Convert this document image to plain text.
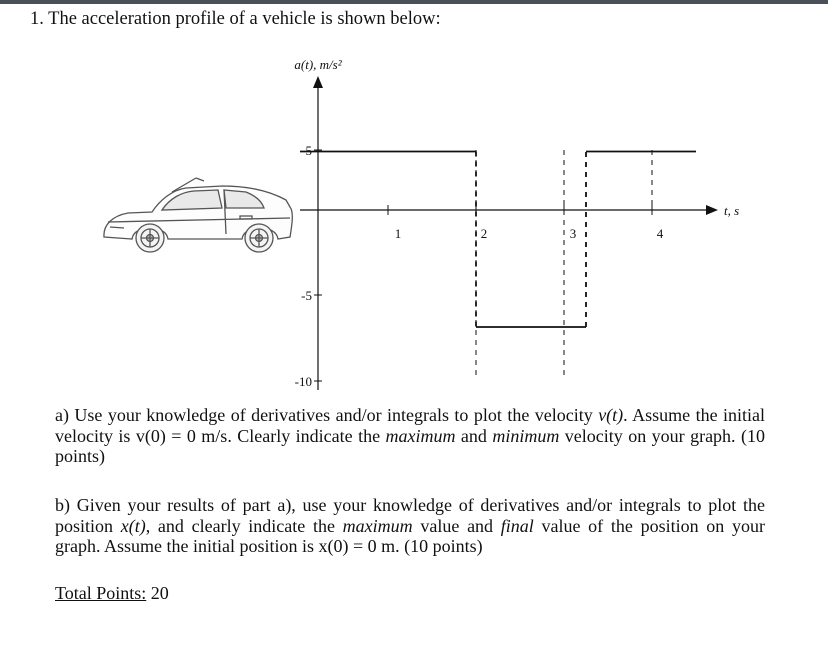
1. The acceleration profile of a vehicle is shown below:
a(t), m/s²
t, s
1	2	3	4
5
-5
-10
a) Use your knowledge of derivatives and/or integrals to plot the velocity v(t). Assume the initial velocity is v(0) = 0 m/s. Clearly indicate the maximum and minimum velocity on your graph. (10 points)
b) Given your results of part a), use your knowledge of derivatives and/or integrals to plot the position x(t), and clearly indicate the maximum value and final value of the position on your graph. Assume the initial position is x(0) = 0 m. (10 points)
Total Points: 20
